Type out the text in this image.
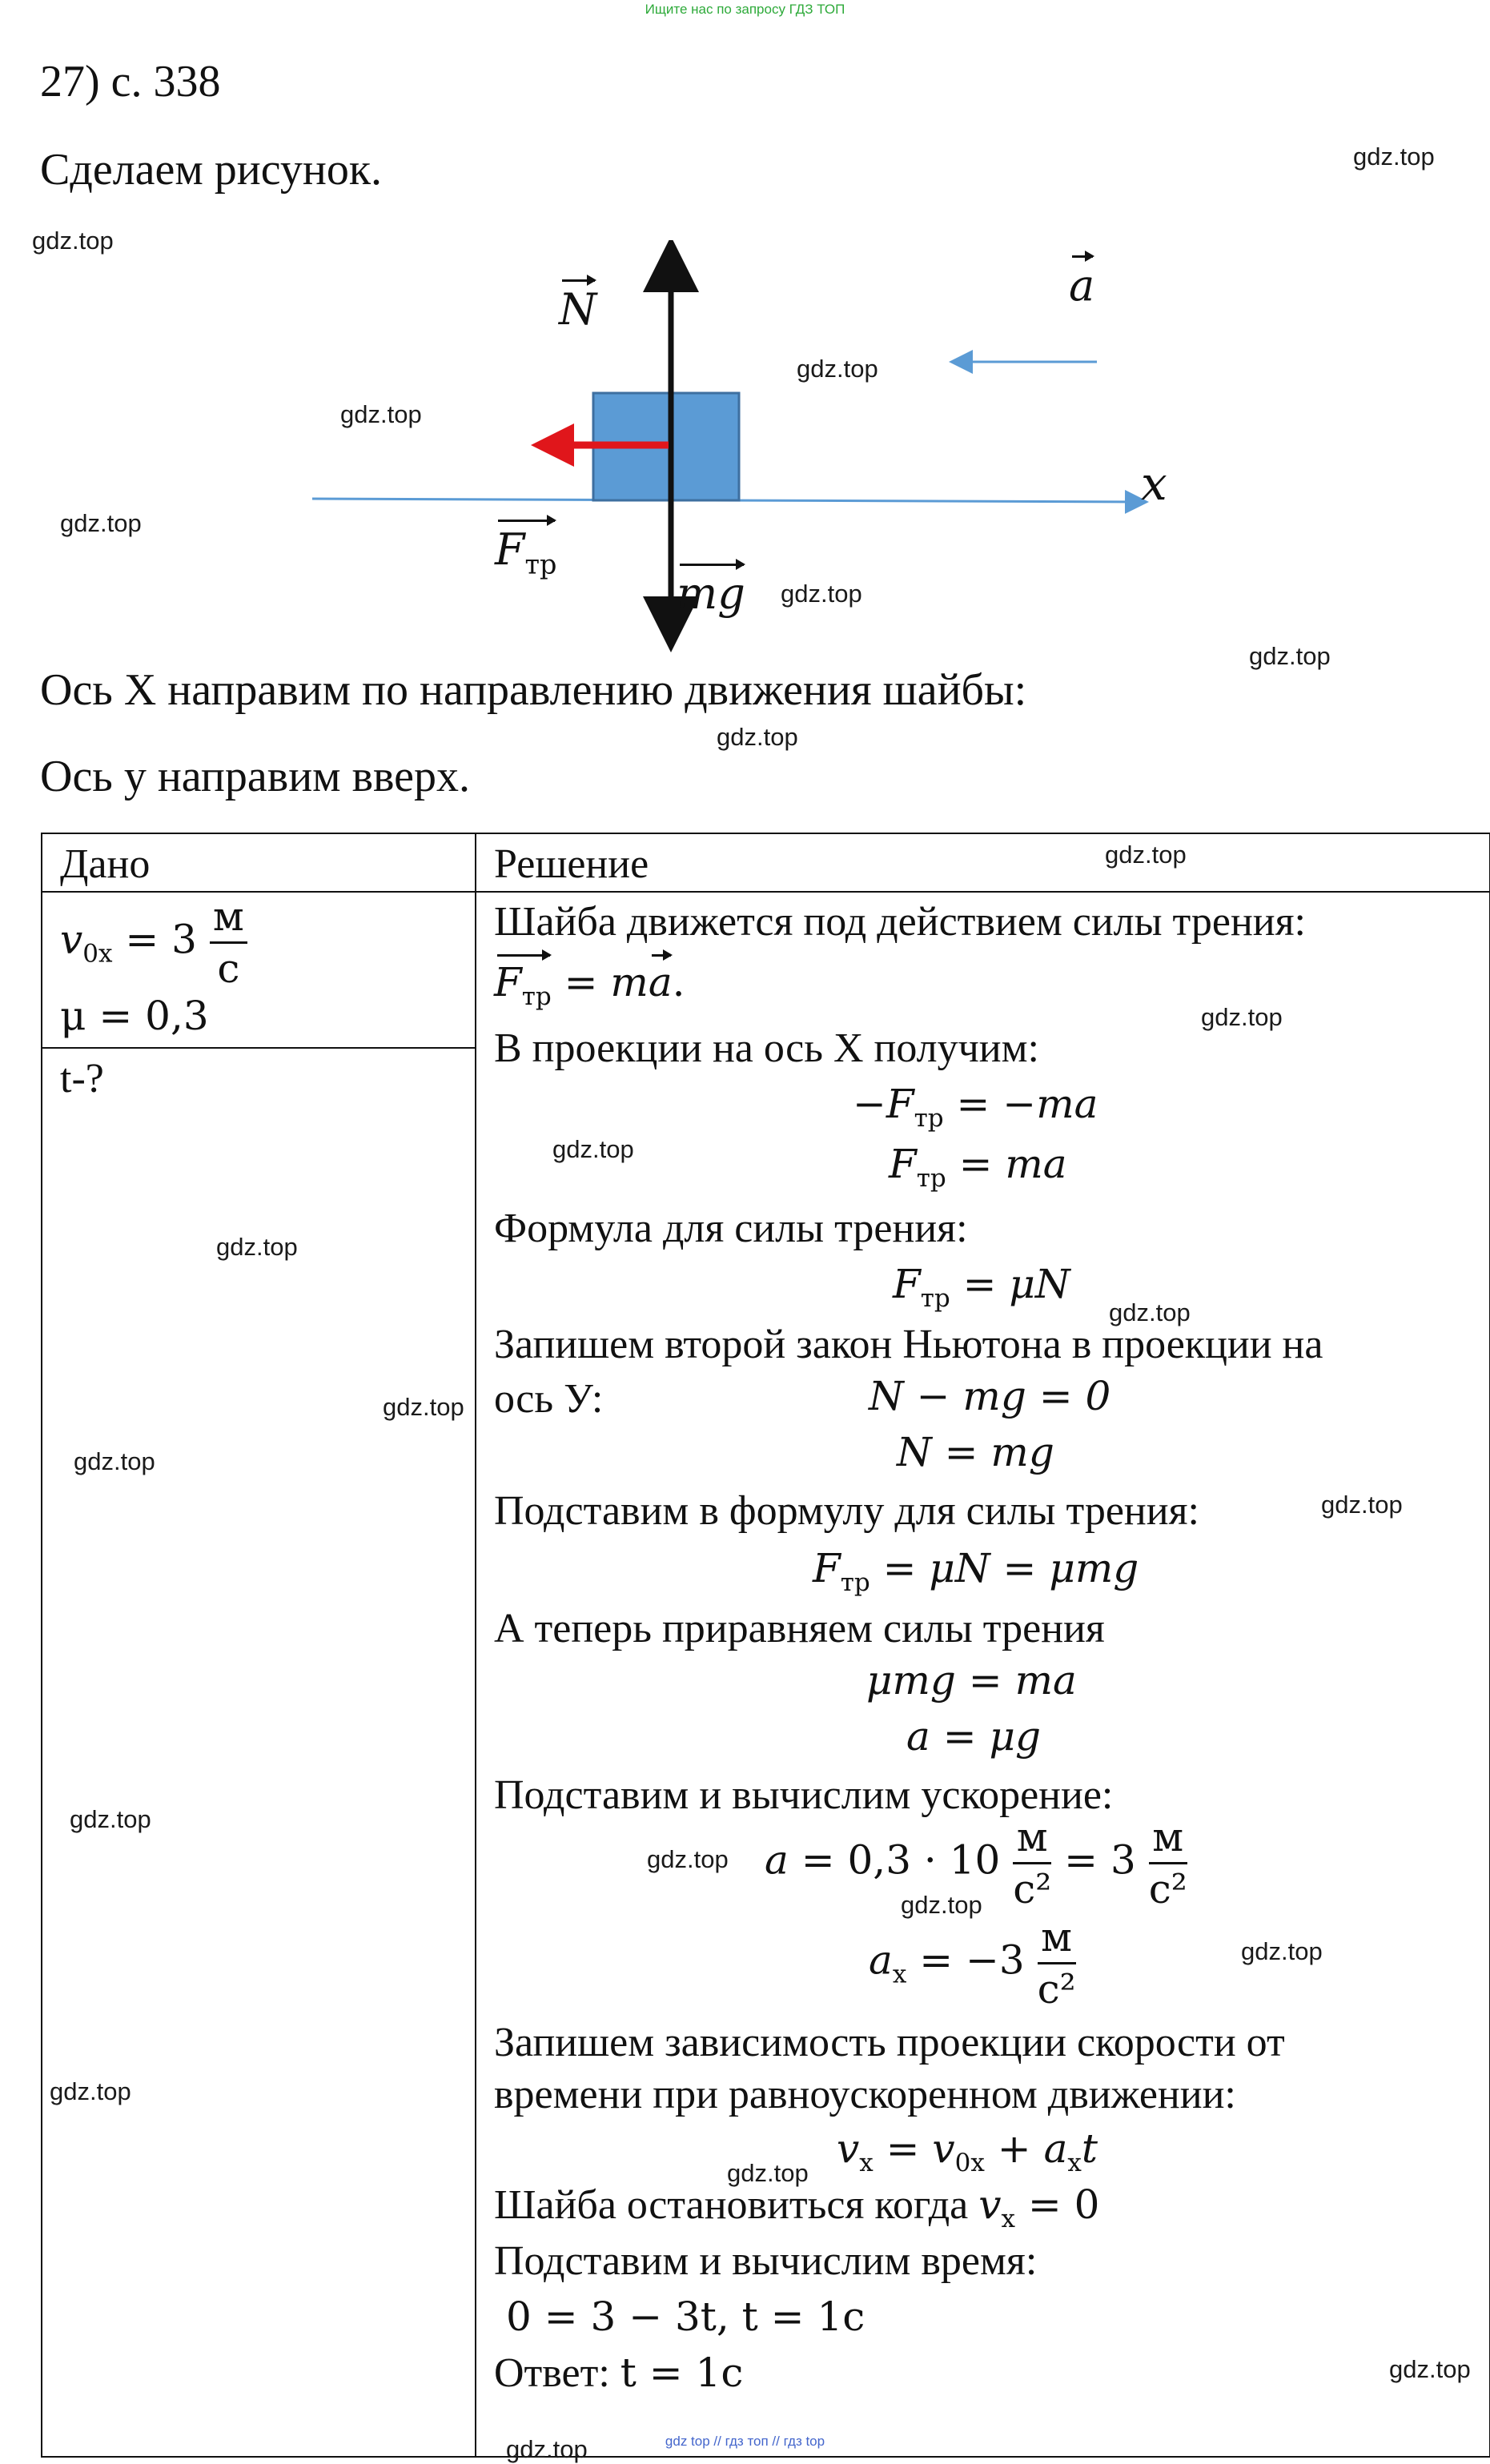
Ищите нас по запросу ГДЗ ТОП
gdz top // гдз топ // гдз top
27) с. 338
Сделаем рисунок.
N	a
x
$F_{тр}$
mg
Ось X направим по направлению движения шайбы:
Ось у направим вверх.
Дано	Решение
$v_{0x} = 3 \frac{м}{с}$
μ = 0,3
t-?
Шайба движется под действием силы трения:
$F_{тр}$ = ma.
В проекции на ось X получим:
$-F_{тр} = -ma$
$F_{тр}$ = ma
Формула для силы трения:
$F_{тр} = \mu N$
Запишем второй закон Ньютона в проекции на
ось У:	N − mg = 0
N = mg
Подставим в формулу для силы трения:
$F_{тр} = \mu N = \mu mg$
А теперь приравняем силы трения
μmg = ma
a = μg
Подставим и вычислим ускорение:
$a = 0,3 \cdot 10 \frac{м}{\text{с²}} = 3 \frac{м}{\text{с²}}$
$a_x = -3 \frac{м}{\text{с²}}$
Запишем зависимость проекции скорости от
времени при равноускоренном движении:
$v_x = v_{0x} + a_xt$
Шайба остановиться когда $v_x = 0$
Подставим и вычислим время:
0 = 3 − 3t, t = 1с
Ответ: t = 1с
gdz.top
gdz.top
gdz.top
gdz.top
gdz.top
gdz.top
gdz.top
gdz.top
gdz.top
gdz.top
gdz.top
gdz.top
gdz.top
gdz.top
gdz.top
gdz.top
gdz.top
gdz.top
gdz.top
gdz.top
gdz.top
gdz.top
gdz.top
gdz.top
